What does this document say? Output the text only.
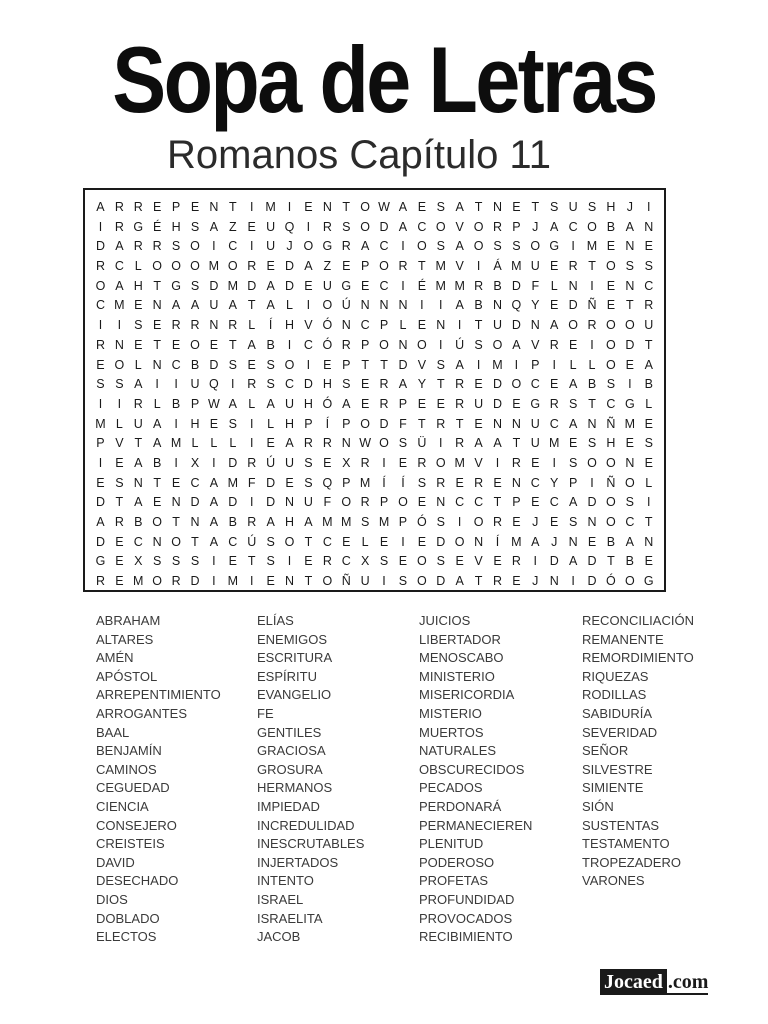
Sopa de Letras
Romanos Capítulo 11
A R R E P E N T	I M I	E N T O W A E S A T N E T S U S H J	I
I	R G É H S A Z E U Q I	R S O D A C O V O R P J A C O B A N
D A R R S O I	C	I	U J O G R A C	I O S A O S S O G I M E N E
R C L O O O M O R E D A Z E P O R T M V	I	Á M U E R T O S S
O A H T G S D M D A D E U G E C	I	É M M R B D F L N	I	E N C
C M E N A A U A T A L	I O Ú N N N	I	I	A B N Q Y E D Ñ E T R
I	I	S E R R N R L	Í	H V Ó N C P L E N	I	T U D N A O R O O U
R N E T E O E T A B	I	C Ó R P O N O I	Ú S O A V R E	I O D T
E O L N C B D S E S O I	E P T T D V S A	I M I	P	I	L L O E A
S S A	I	I	U Q I	R S C D H S E R A Y T R E D O C E A B S	I	B
I	I	R L B P W A L A U H Ó A E R P E E R U D E G R S T C G L
M L U A	I	H E S	I	L H P	Í	P O D F T R T E N N U C A N Ñ M E
P V T A M L L L	I	E A R R N W O S Ü	I	R A A T U M E S H E S
I	E A B	I	X	I	D R Ú U S E X R	I	E R O M V	I	R E	I	S O O N E
E S N T E C A M F D E S Q P M Í	Í	S R E R E N C Y P	I	Ñ O L
D T A E N D A D	I	D N U F O R P O E N C C T P E C A D O S	I
A R B O T N A B R A H A M M S M P Ó S	I O R E J E S N O C T
D E C N O T A C Ú S O T C E L E	I	E D O N	Í M A J N E B A N
G E X S S S	I	E T S	I	E R C X S E O S E V E R	I	D A D T B E
R E M O R D	I M I	E N T O Ñ U	I	S O D A T R E J N	I	D Ó O G
ABRAHAM
ALTARES
AMÉN
APÓSTOL
ARREPENTIMIENTO
ARROGANTES
BAAL
BENJAMÍN
CAMINOS
CEGUEDAD
CIENCIA
CONSEJERO
CREISTEIS
DAVID
DESECHADO
DIOS
DOBLADO
ELECTOS
ELÍAS
ENEMIGOS
ESCRITURA
ESPÍRITU
EVANGELIO
FE
GENTILES
GRACIOSA
GROSURA
HERMANOS
IMPIEDAD
INCREDULIDAD
INESCRUTABLES
INJERTADOS
INTENTO
ISRAEL
ISRAELITA
JACOB
JUICIOS
LIBERTADOR
MENOSCABO
MINISTERIO
MISERICORDIA
MISTERIO
MUERTOS
NATURALES
OBSCURECIDOS
PECADOS
PERDONARÁ
PERMANECIEREN
PLENITUD
PODEROSO
PROFETAS
PROFUNDIDAD
PROVOCADOS
RECIBIMIENTO
RECONCILIACIÓN
REMANENTE
REMORDIMIENTO
RIQUEZAS
RODILLAS
SABIDURÍA
SEVERIDAD
SEÑOR
SILVESTRE
SIMIENTE
SIÓN
SUSTENTAS
TESTAMENTO
TROPEZADERO
VARONES
Jocaed .com
